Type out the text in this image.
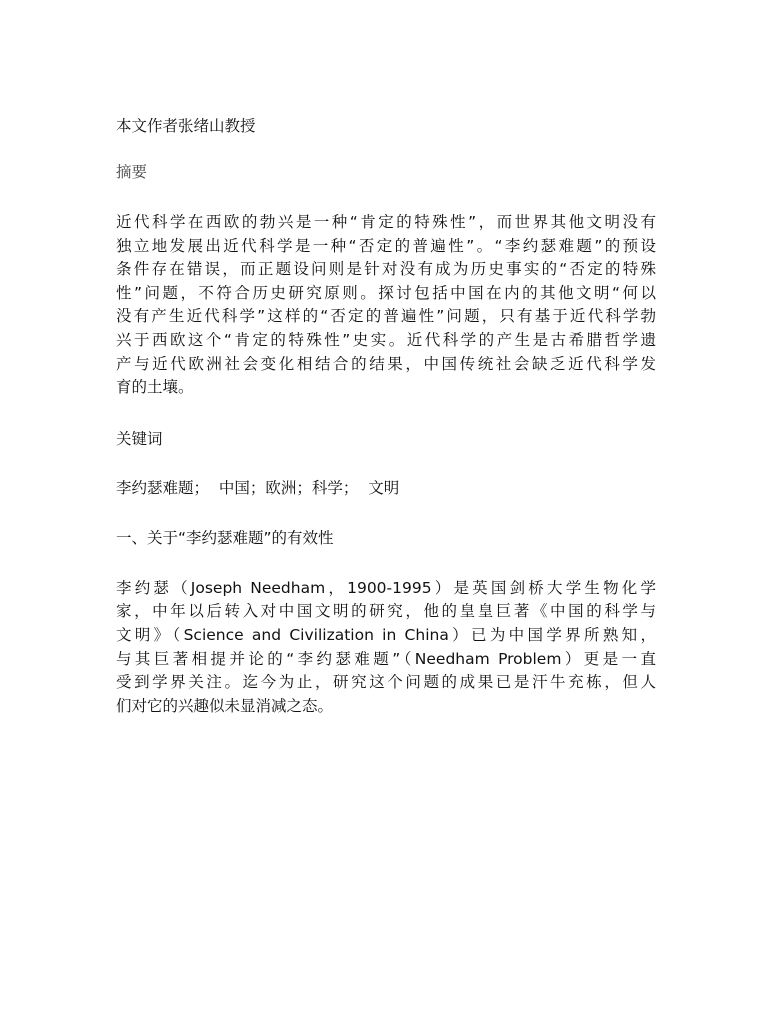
本文作者张绪山教授

摘要

近代科学在西欧的勃兴是一种“肯定的特殊性”，而世界其他文明没有
独立地发展出近代科学是一种“否定的普遍性”。“李约瑟难题”的预设
条件存在错误，而正题设问则是针对没有成为历史事实的“否定的特殊
性”问题，不符合历史研究原则。探讨包括中国在内的其他文明“何以
没有产生近代科学”这样的“否定的普遍性”问题，只有基于近代科学勃
兴于西欧这个“肯定的特殊性”史实。近代科学的产生是古希腊哲学遗
产与近代欧洲社会变化相结合的结果，中国传统社会缺乏近代科学发
育的土壤。

关键词

李约瑟难题；  中国；欧洲；科学；  文明

一、关于“李约瑟难题”的有效性

李约瑟（Joseph Needham，1900-1995）是英国剑桥大学生物化学
家，中年以后转入对中国文明的研究，他的皇皇巨著《中国的科学与
文明》（Science and Civilization in China）已为中国学界所熟知，
与其巨著相提并论的“李约瑟难题”（Needham Problem）更是一直
受到学界关注。迄今为止，研究这个问题的成果已是汗牛充栋，但人
们对它的兴趣似未显消减之态。
